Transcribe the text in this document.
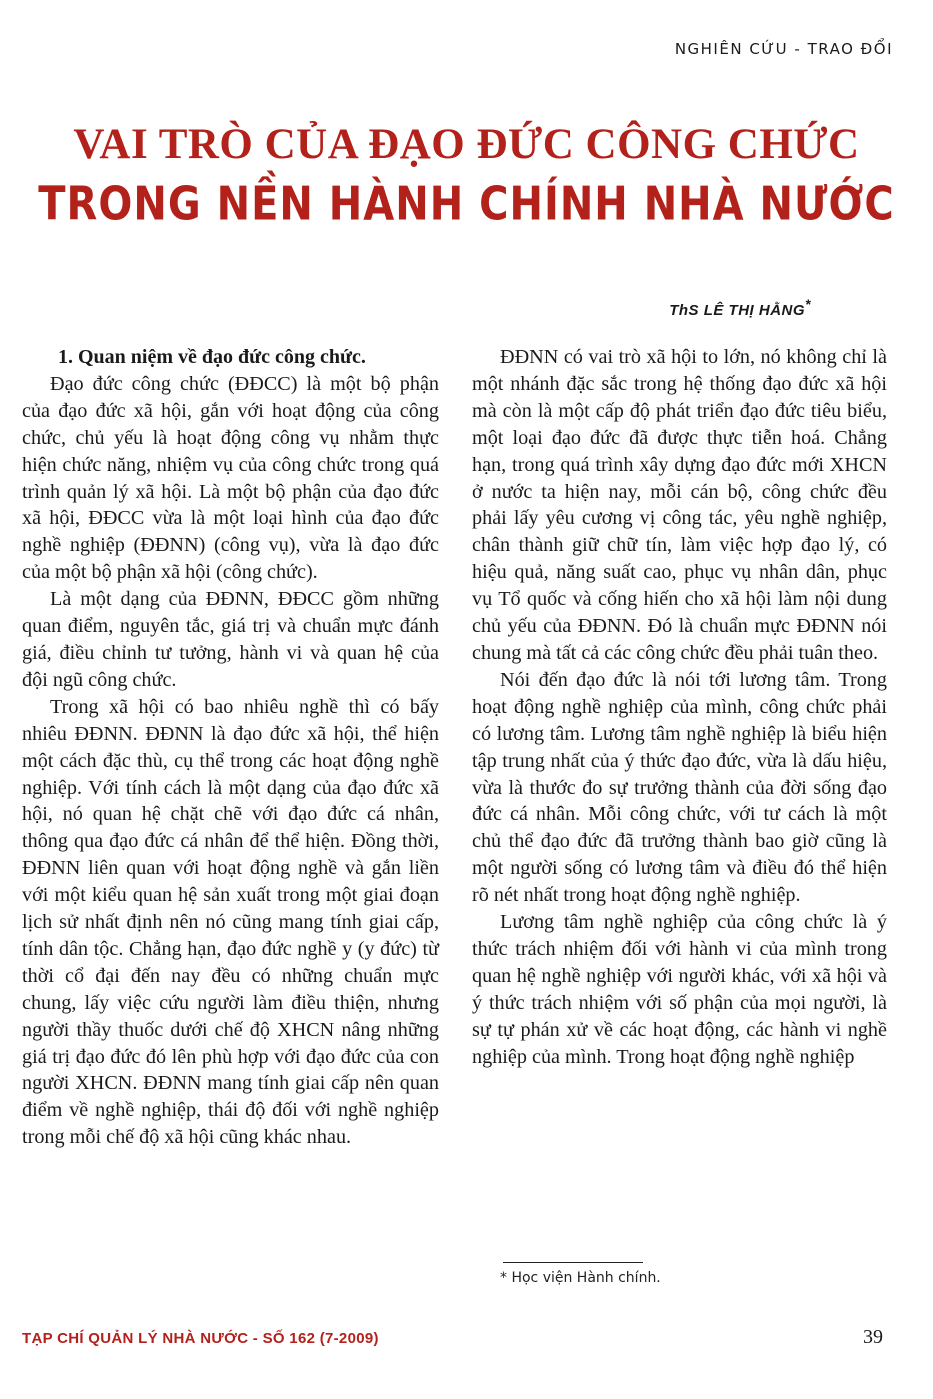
NGHIÊN CỨU - TRAO ĐỔI
VAI TRÒ CỦA ĐẠO ĐỨC CÔNG CHỨC
TRONG NỀN HÀNH CHÍNH NHÀ NƯỚC
ThS LÊ THỊ HẰNG*
1. Quan niệm về đạo đức công chức.

Đạo đức công chức (ĐĐCC) là một bộ phận của đạo đức xã hội, gắn với hoạt động của công chức, chủ yếu là hoạt động công vụ nhằm thực hiện chức năng, nhiệm vụ của công chức trong quá trình quản lý xã hội. Là một bộ phận của đạo đức xã hội, ĐĐCC vừa là một loại hình của đạo đức nghề nghiệp (ĐĐNN) (công vụ), vừa là đạo đức của một bộ phận xã hội (công chức).

Là một dạng của ĐĐNN, ĐĐCC gồm những quan điểm, nguyên tắc, giá trị và chuẩn mực đánh giá, điều chỉnh tư tưởng, hành vi và quan hệ của đội ngũ công chức.

Trong xã hội có bao nhiêu nghề thì có bấy nhiêu ĐĐNN. ĐĐNN là đạo đức xã hội, thể hiện một cách đặc thù, cụ thể trong các hoạt động nghề nghiệp. Với tính cách là một dạng của đạo đức xã hội, nó quan hệ chặt chẽ với đạo đức cá nhân, thông qua đạo đức cá nhân để thể hiện. Đồng thời, ĐĐNN liên quan với hoạt động nghề và gắn liền với một kiểu quan hệ sản xuất trong một giai đoạn lịch sử nhất định nên nó cũng mang tính giai cấp, tính dân tộc. Chẳng hạn, đạo đức nghề y (y đức) từ thời cổ đại đến nay đều có những chuẩn mực chung, lấy việc cứu người làm điều thiện, nhưng người thầy thuốc dưới chế độ XHCN nâng những giá trị đạo đức đó lên phù hợp với đạo đức của con người XHCN. ĐĐNN mang tính giai cấp nên quan điểm về nghề nghiệp, thái độ đối với nghề nghiệp trong mỗi chế độ xã hội cũng khác nhau.

ĐĐNN có vai trò xã hội to lớn, nó không chỉ là một nhánh đặc sắc trong hệ thống đạo đức xã hội mà còn là một cấp độ phát triển đạo đức tiêu biểu, một loại đạo đức đã được thực tiễn hoá. Chẳng hạn, trong quá trình xây dựng đạo đức mới XHCN ở nước ta hiện nay, mỗi cán bộ, công chức đều phải lấy yêu cương vị công tác, yêu nghề nghiệp, chân thành giữ chữ tín, làm việc hợp đạo lý, có hiệu quả, năng suất cao, phục vụ nhân dân, phục vụ Tổ quốc và cống hiến cho xã hội làm nội dung chủ yếu của ĐĐNN. Đó là chuẩn mực ĐĐNN nói chung mà tất cả các công chức đều phải tuân theo.

Nói đến đạo đức là nói tới lương tâm. Trong hoạt động nghề nghiệp của mình, công chức phải có lương tâm. Lương tâm nghề nghiệp là biểu hiện tập trung nhất của ý thức đạo đức, vừa là dấu hiệu, vừa là thước đo sự trưởng thành của đời sống đạo đức cá nhân. Mỗi công chức, với tư cách là một chủ thể đạo đức đã trưởng thành bao giờ cũng là một người sống có lương tâm và điều đó thể hiện rõ nét nhất trong hoạt động nghề nghiệp.

Lương tâm nghề nghiệp của công chức là ý thức trách nhiệm đối với hành vi của mình trong quan hệ nghề nghiệp với người khác, với xã hội và ý thức trách nhiệm với số phận của mọi người, là sự tự phán xử về các hoạt động, các hành vi nghề nghiệp của mình. Trong hoạt động nghề nghiệp

* Học viện Hành chính.
TẠP CHÍ QUẢN LÝ NHÀ NƯỚC - SỐ 162 (7-2009)	39
